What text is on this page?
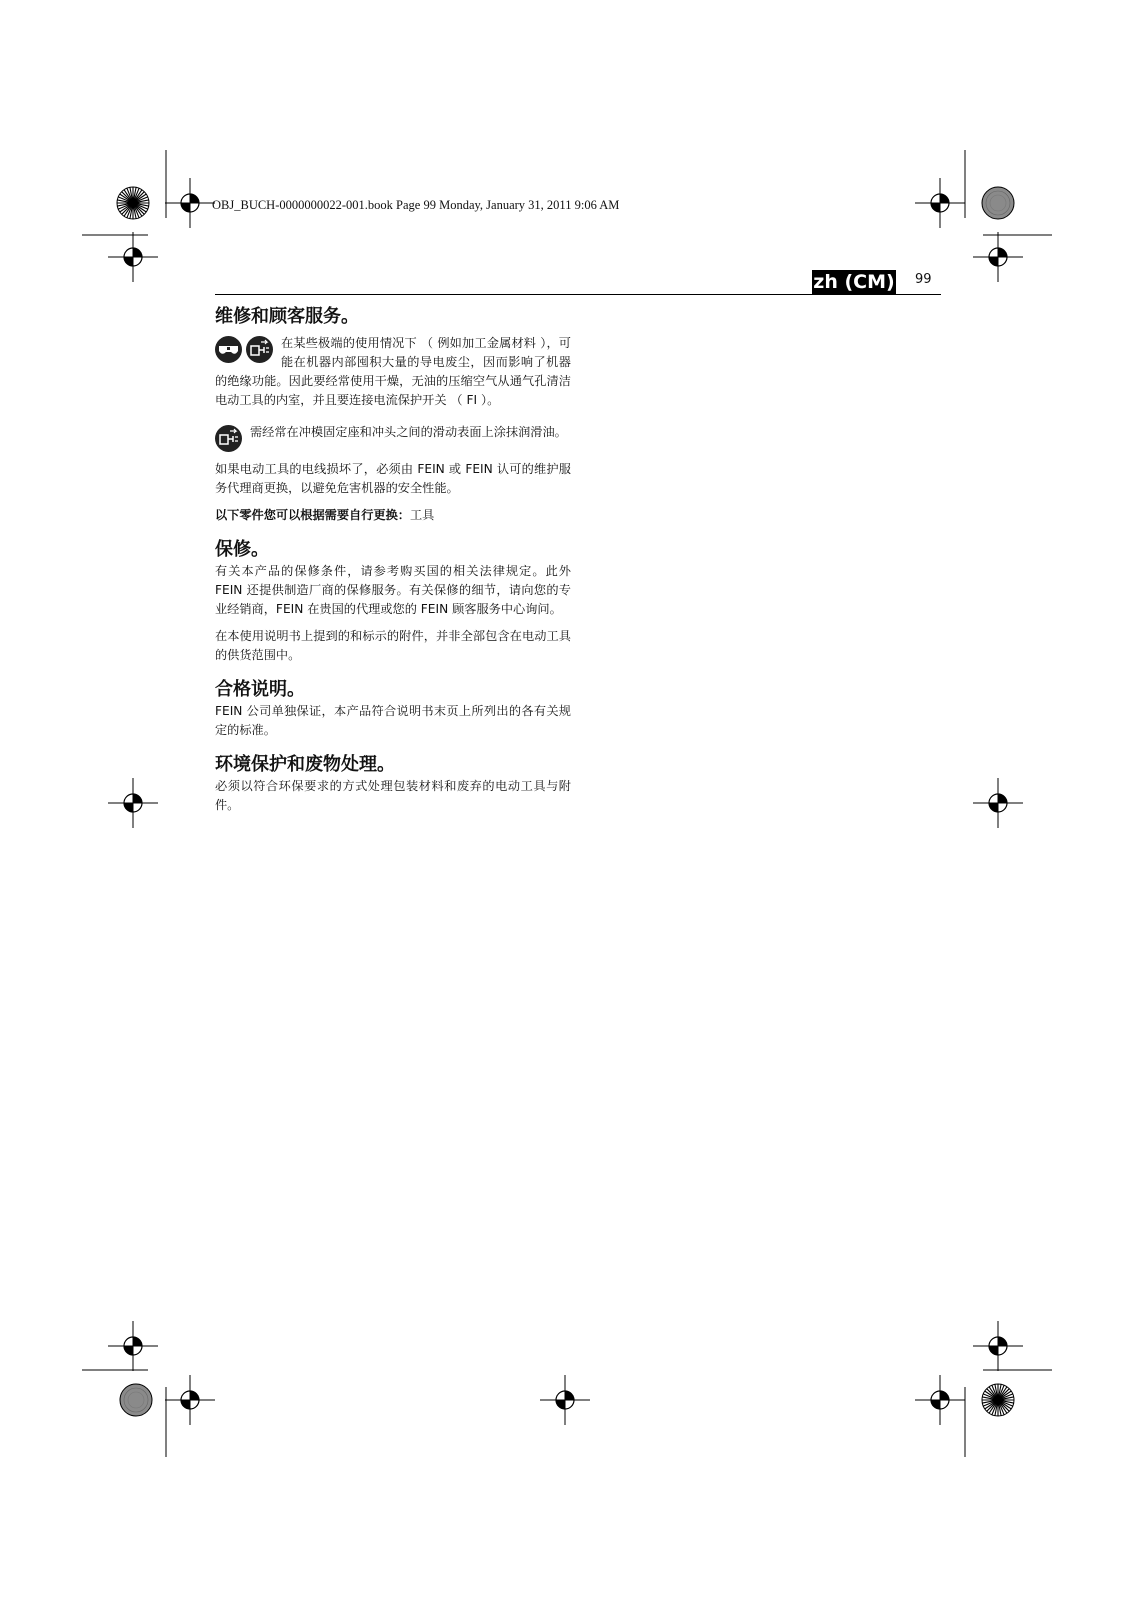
OBJ_BUCH-0000000022-001.book Page 99 Monday, January 31, 2011 9:06 AM
zh (CM) 99
维修和顾客服务。

在某些极端的使用情况下 （ 例如加工金属材料 ），可能在机器内部囤积大量的导电废尘，因而影响了机器的绝缘功能。因此要经常使用干燥，无油的压缩空气从通气孔清洁电动工具的内室，并且要连接电流保护开关 （ FI ）。

需经常在冲模固定座和冲头之间的滑动表面上涂抹润滑油。

如果电动工具的电线损坏了，必须由 FEIN 或 FEIN 认可的维护服务代理商更换，以避免危害机器的安全性能。

以下零件您可以根据需要自行更换：工具

保修。

有关本产品的保修条件，请参考购买国的相关法律规定。此外 FEIN 还提供制造厂商的保修服务。有关保修的细节，请向您的专业经销商，FEIN 在贵国的代理或您的 FEIN 顾客服务中心询问。

在本使用说明书上提到的和标示的附件，并非全部包含在电动工具的供货范围中。

合格说明。

FEIN 公司单独保证，本产品符合说明书末页上所列出的各有关规定的标准。

环境保护和废物处理。

必须以符合环保要求的方式处理包装材料和废弃的电动工具与附件。
